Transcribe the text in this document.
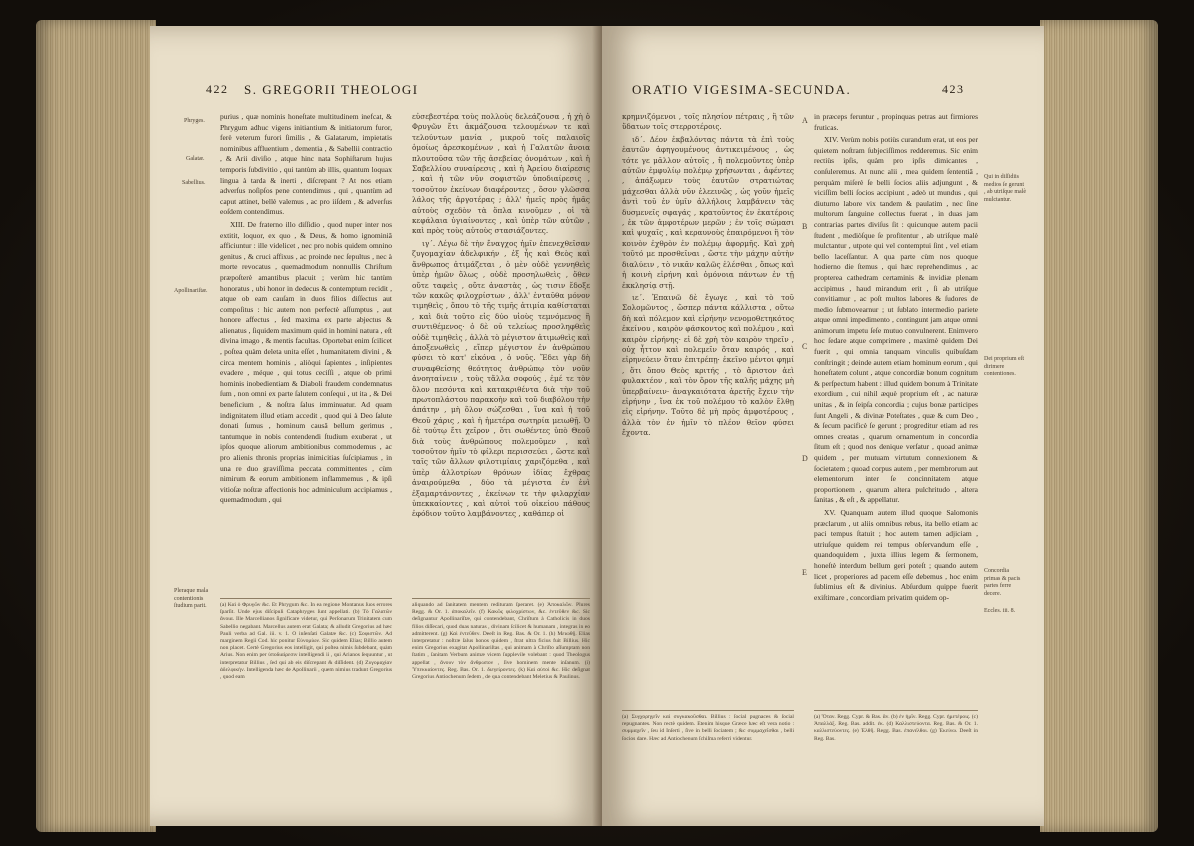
422 S. GREGORII THEOLOGI
Phryges.
Galatæ.
Sabellius.
Apollinariſtæ.
Pleraque mala contentionis ſtudium parit.

purius , quæ nominis honeſtate multitudinem inefcat, & Phrygum adhuc vigens initiantium & initiatorum furor, ferè veterum furori ſimilis , & Galatarum, impietatis nominibus affluentium , dementia , & Sabellii contractio , & Arii diviſio , atque hinc nata Sophiſtarum hujus temporis ſubdivitio , qui tantùm ab illis, quantum loquax lingua à tarda & inerti , diſcrepant ? At nos etiam adverſus noſipſos pene contendimus , qui , quantùm ad caput attinet, bellè valemus , ac pro iiſdem , & adverſus eoſdem contendimus.

XIII. De fraterno illo diſſidio , quod nuper inter nos extitit, loquor, ex quo , & Deus, & homo ignominiâ afficiuntur : ille videlicet , nec pro nobis quidem omnino genitus , & cruci affixus , ac proinde nec ſepultus , nec à morte revocatus , quemadmodum nonnullis Chriſtum præpoſterè amantibus placuit ; verùm hic tantùm honoratus , ubi honor in dedecus & contemptum recidit , atque ob eam cauſam in duos filios diſſectus aut compoſitus : hic autem non perfectè aſſumptus , aut honore affectus , ſed maxima ex parte abjectus & alienatus , ſiquidem maximum quid in homini natura , eſt divina imago , & mentis facultas. Oportebat enim ſcilicet , poſtea quàm deleta unita eſſet , humanitatem divini , & circa mentem hominis , aliòqui ſapientes , inſipientes evadere , méque , qui totus ceciſſi , atque ob primi hominis inobedientiam & Diaboli fraudem condemnatus ſum , non omni ex parte ſalutem conſequi , ut ita , & Dei beneficium , & noſtra ſalus imminuatur. Ad quam indignitatem illud etiam accedit , quod qui à Deo ſalute donati ſumus , hominum causâ bellum gerimus , tantumque in nobis contendendi ſtudium exuberat , ut ipſos quoque aliorum ambitionibus commodemus , ac pro alienis thronis proprias inimicitias ſuſcipiamus , in una re duo graviſſima peccata committentes , cùm nimirum & eorum ambitionem inflammemus , & ipſi vitioſæ noſtræ affectionis hoc adminiculum accipiamus , quemadmodum , qui

εὐσεβεστέρα τοὺς πολλοὺς δελεάζουσα , ἡ χὴ ὁ Φρυγῶν ἔτι ἀκμάζουσα τελουμένων τε καὶ τελούντων μανία , μικροῦ τοῖς παλαιοῖς ὁμοίως ἀρεσκομένων , καὶ ἡ Γαλατῶν ἄνοια πλουτοῦσα τῶν τῆς ἀσεβείας ὀνομάτων , καὶ ἡ Σαβελλίου συναίρεσις , καὶ ἡ Ἀρείου διαίρεσις , καὶ ἡ τῶν νῦν σοφιστῶν ὑποδιαίρεσις , τοσοῦτον ἐκείνων διαφέροντες , ὅσον γλῶσσα λάλος τῆς ἀργοτέρας ; ἀλλ' ἡμεῖς πρὸς ἡμᾶς αὐτοὺς σχεδὸν τὰ ὅπλα κινοῦμεν , οἱ τὰ κεφάλαια ὑγιαίνοντες , καὶ ὑπὲρ τῶν αὐτῶν , καὶ πρὸς τοὺς αὐτοὺς στασιάζοντες.

ιγ΄. Λέγω δὲ τὴν ἔναγχος ἡμῖν ἐπενεχθεῖσαν ζυγομαχίαν ἀδελφικήν , ἐξ ἧς καὶ Θεὸς καὶ ἄνθρωπος ἀτιμάζεται , ὁ μὲν οὐδὲ γεννηθεὶς ὑπὲρ ἡμῶν ὅλως , οὐδὲ προσηλωθεὶς , ὅθεν οὔτε ταφεὶς , οὔτε ἀναστὰς , ὡς τισιν ἔδοξε τῶν κακῶς φιλοχρίστων , ἀλλ' ἐνταῦθα μόνον τιμηθεὶς , ὅπου τὸ τῆς τιμῆς ἀτιμία καθίσταται , καὶ διὰ τοῦτο εἰς δύο υἱοὺς τεμνόμενος ἢ συντιθέμενος· ὁ δὲ οὐ τελείως προσληφθεὶς οὐδὲ τιμηθεὶς , ἀλλὰ τὸ μέγιστον ἀτιμωθεὶς καὶ ἀποξενωθεὶς , εἴπερ μέγιστον ἐν ἀνθρώπου φύσει τὸ κατ' εἰκόνα , ὁ νοῦς. Ἔδει γὰρ δὴ συναφθείσης θεότητος ἀνθρώπῳ τὸν νοῦν ἀνοηταίνειν , τοὺς τἄλλα σοφούς , ἐμέ τε τὸν ὅλον πεσόντα καὶ κατακριθέντα διὰ τὴν τοῦ πρωτοπλάστου παρακοὴν καὶ τοῦ διαβόλου τὴν ἀπάτην , μὴ ὅλον σώζεσθαι , ἵνα καὶ ἡ τοῦ Θεοῦ χάρις , καὶ ἡ ἡμετέρα σωτηρία μειωθῇ. Ὁ δὲ τούτῳ ἔτι χεῖρον , ὅτι σωθέντες ὑπὸ Θεοῦ διὰ τοὺς ἀνθρώπους πολεμοῦμεν , καὶ τοσοῦτον ἡμῖν τὸ φίλερι περισσεύει , ὥστε καὶ ταῖς τῶν ἄλλων φιλοτιμίαις χαριζόμεθα , καὶ ὑπὲρ ἀλλοτρίων θρόνων ἰδίας ἔχθρας ἀναιρούμεθα , δύο τὰ μέγιστα ἐν ἑνὶ ἐξαμαρτάνοντες , ἐκείνων τε τὴν φιλαρχίαν ὑπεκκαίοντες , καὶ αὐτοὶ τοῦ οἰκείου πάθους ἐφόδιον τοῦτο λαμβάνοντες , καθάπερ οἱ

(a) Καὶ ὁ Φρυγῶν &c. Et Phrygum &c. In ea regione Montanus ſuos errores ſparſit. Unde ejus diſcipuli Cataphryges ſunt appellati. (b) Τὸ Γαλατῶν ἄνοια. Ille Marcellianos ſignificare videtur, qui Perſonarum Trinitatem cum Sabellio negabant. Marcellus autem erat Galata; & alludit Gregorius ad hæc Pauli verba ad Gal. iii. v. 1. O inſenſati Galatæ &c. (c) Σοφιστῶν. Ad marginem Regii Cod. hic ponitur Εὐνομίων. Sic quidem Elias; Billio autem non placet. Certè Gregorius eos intelligit, qui poſtea nimis ſubdebant, quàm Arius. Non enim per ὑποδιαίρεσιν intelligendi ii , qui Arianos ſequuntur , ut interpretatur Billius , ſed qui ab eis diſcrepant & diſſident. (d) Ζυγομαχίαν ἀδελφικήν. Intelligenda hæc de Apollinarii , quem nimius tradunt Gregorius , quod eam

aliquando ad ſanitatem mentem redituram ſperaret. (e) Ἀποκαλῶν. Plures Regg. & Or. 1. ἀποκαλεῖν. (f) Κακῶς φιλοχρίστων, &c. ἐντεῦθεν &c. Sic deſignantur Apollinariſtæ, qui contendebant, Chriſtum à Catholicis in duos filios diſſecari, quod duas naturas , divinam ſcilicet & humanam , integras in eo admitterent. (g) Καὶ ἐντεῦθεν. Deeſt in Reg. Bas. & Or. 1. (h) Μειωθῇ. Elias interpretatur : noſtræ ſalus honos quidem , ſtrat ultra ficius fuit Billius. Hic enim Gregorius exagitat Apollinariſtas , qui animam à Chriſto aſſumptam non ſtatim , ſanitam Verbum animæ vicem ſupplevile volebant : quod Theologus appellat , ἄνουν τὸν ἄνθρωπον , ſive hominem mente inſanum. (i) Ὑπεκκαίοντες. Reg. Bas. Or. 1. διεγείροντες. (k) Καὶ αὐτοὶ &c. Hic deſignat Gregorius Antiochenum ſedem , de qua contendebant Meletius & Paulinus.

ORATIO VIGESIMA-SECUNDA.	423

κρημνιζόμενοι , τοῖς πλησίον πέτραις , ἢ τῶν ὕδατων τοῖς στερροτέροις.

ιδ΄. Δέον ἐκβαλόντας πάντα τὰ ἐπὶ τοὺς ἑαυτῶν ἀφηγουμένους ἀντικειμένους , ὡς τότε γε μᾶλλον αὐτοῖς , ἢ πολεμοῦντες ὑπὲρ αὐτῶν ἐμφυλίῳ πολέμῳ χρήσωνται , ἀφέντες , ἀπάξωμεν τοὺς ἑαυτῶν στρατιώτας μάχεσθαι ἀλλὰ νῦν ἐλεεινῶς , ὡς γοῦν ἡμεῖς ἀντὶ τοῦ ἐν ὑμῖν ἀλλήλοις λαμβάνειν τὰς δυσμενεῖς σφαγάς , κρατοῦντος ἐν ἑκατέροις , ἐκ τῶν ἀμφοτέρων μερῶν ; ἐν τοῖς σώμασι καὶ ψυχαῖς , καὶ κεραυνοὺς ἐπαιρόμενοι ἢ τὸν κοινὸν ἐχθρὸν ἐν πολέμῳ ἀφορμῆς. Καὶ χρὴ τοῦτό με προσθεῖναι , ὥστε τὴν μάχην αὐτὴν διαλύειν , τὸ νικᾶν καλῶς ἑλέσθαι , ὅπως καὶ ἡ κοινὴ εἰρήνη καὶ ὁμόνοια πάντων ἐν τῇ ἐκκλησίᾳ στῇ.

ιε΄. Ἐπαινῶ δὲ ἔγωγε , καὶ τὸ τοῦ Σολομῶντος , ὥσπερ πάντα κάλλιστα , οὕτω δὴ καὶ πόλεμον καὶ εἰρήνην νενομοθετηκότος ἐκείνου , καιρὸν φάσκοντος καὶ πολέμου , καὶ καιρὸν εἰρήνης· εἰ δὲ χρὴ τὸν καιρὸν τηρεῖν , οὐχ ἧττον καὶ πολεμεῖν ὅταν καιρός , καὶ εἰρηνεύειν ὅταν ἐπιτρέπῃ· ἐκεῖνο μέντοι φημί , ὅτι ὅπου Θεὸς κριτής , τὸ ἄριστον ἀεὶ φυλακτέον , καὶ τὸν ὅρον τῆς καλῆς μάχης μὴ ὑπερβαίνειν· ἀναγκαιότατα ἀρετῆς ἔχειν τὴν εἰρήνην , ἵνα ἐκ τοῦ πολέμου τὸ καλὸν ἔλθῃ εἰς εἰρήνην. Τοῦτο δὲ μὴ πρὸς ἀμφοτέρους , ἀλλὰ τὸν ἐν ἡμῖν τὸ πλέον θεῖον φύσει ἔχοντα.

A
B
C
D
E

in præceps feruntur , propinquas petras aut firmiores fruticas.

XIV. Verùm nobis potiùs curandum erat, ut eos per quietem noſtram ſubjeciſſimos redderemus. Sic enim rectiùs ipſis, quàm pro ipſis dimicantes , conſuleremus. At nunc alii , mea quidem ſententiâ , perquàm miſerè ſe belli ſocios aliis adjungunt , & viciſſim belli ſocios accipiunt , adeò ut mundus , qui diuturno labore vix tandem & paulatim , nec ſine multorum ſanguine collectus fuerat , in duas jam contrarias partes diviſus ſit : quicunque autem pacii ſtudent , mediòſque ſe profitentur , ab utriſque malè mulctantur , utpote qui vel contemptui ſint , vel etiam bello laceſſantur. A qua parte cùm nos quoque hodierno die ſtemus , qui hæc reprehendimus , ac propterea cathedram certaminis & invidiæ plenam accipimus , haud mirandum erit , ſi ab utriſque convitiamur , ac poſt multos labores & ſudores de medio ſubmovearnur ; ut ſublato intermedio pariete atque omni impedimento , contingunt jam atque omni animorum impetu ſeſe mutuo convulnerent. Enimvero hoc ſedare atque comprimere , maximè quidem Dei fuerit , qui omnia tanquam vinculis quibuſdam conſtringit ; deinde autem etiam hominum eorum , qui honeſtatem colunt , atque concordiæ bonum cognitum & perſpectum habent : illud quidem bonum à Trinitate exordium , cui nihil æquè proprium eſt , ac naturæ unitas , & in ſeipſa concordia ; cujus bonæ participes ſunt Angeli , & divinæ Poteſtates , quæ & cum Deo , & ſecum pacificè ſe gerunt ; progreditur etiam ad res omnes creatas , quarum ornamentum in concordia ſitum eſt ; quod nos denique verſatur , quoad animæ quidem , per mutuam virtutum connexionem & ſocietatem ; quoad corpus autem , per membrorum aut elementorum inter ſe concinnitatem atque proportionem , quarum altera pulchritudo , altera ſanitas , & eſt , & appellatur.

XV. Quanquam autem illud quoque Salomonis præclarum , ut aliis omnibus rebus, ita bello etiam ac paci tempus ſtatuit ; hoc autem tamen adjiciam , utriuſque quidem rei tempus obſervandum eſſe , quandoquidem , juxta illius legem & ſermonem, honeſtè interdum bellum geri poteſt ; quando autem licet , properiores ad pacem eſſe debemus , hoc enim ſublimius eſt & divinius. Abſurdum quippe fuerit exiſtimare , concordiam privatim quidem op-

Qui in diſſidiis medios ſe gerunt , ab utriſque malè mulctantur.
Dei proprium eſt dirimere contentiones.
Concordia primas & pacis partes ferre decere.
Eccles. iii. 8.

(a) Συγχορηγεῖν καὶ συγκακοῦσθαι. Billius : ſocial pugnaces & ſocial repugnantes. Non rectè quidem. Etenim hisque Græce hæc eſt vera notio : συμμαχεῖν , ſeu id Inſerti , ſive in belli ſociatem ; &c συμμαχεῖσθαι , belli ſocios dare. Hæc ad Antiochenum ſchiſma referri videntur.

(a) Ὅταν. Regg. Cypr. & Bas. ἄν. (b) ἐν ἡμῖν. Regg. Cypr. ἡμετέροις. (c) Ἀπαλλάξ. Reg. Bas. addit. ἐκ. (d) Καλλιστεύοντα. Reg. Bas. & Or. 1. καλλιστεύοντες. (e) Ἐλθῆ. Regg. Bas. ἐπανέλθοι. (g) Ἐκείνω. Deeſt in Reg. Bas.
